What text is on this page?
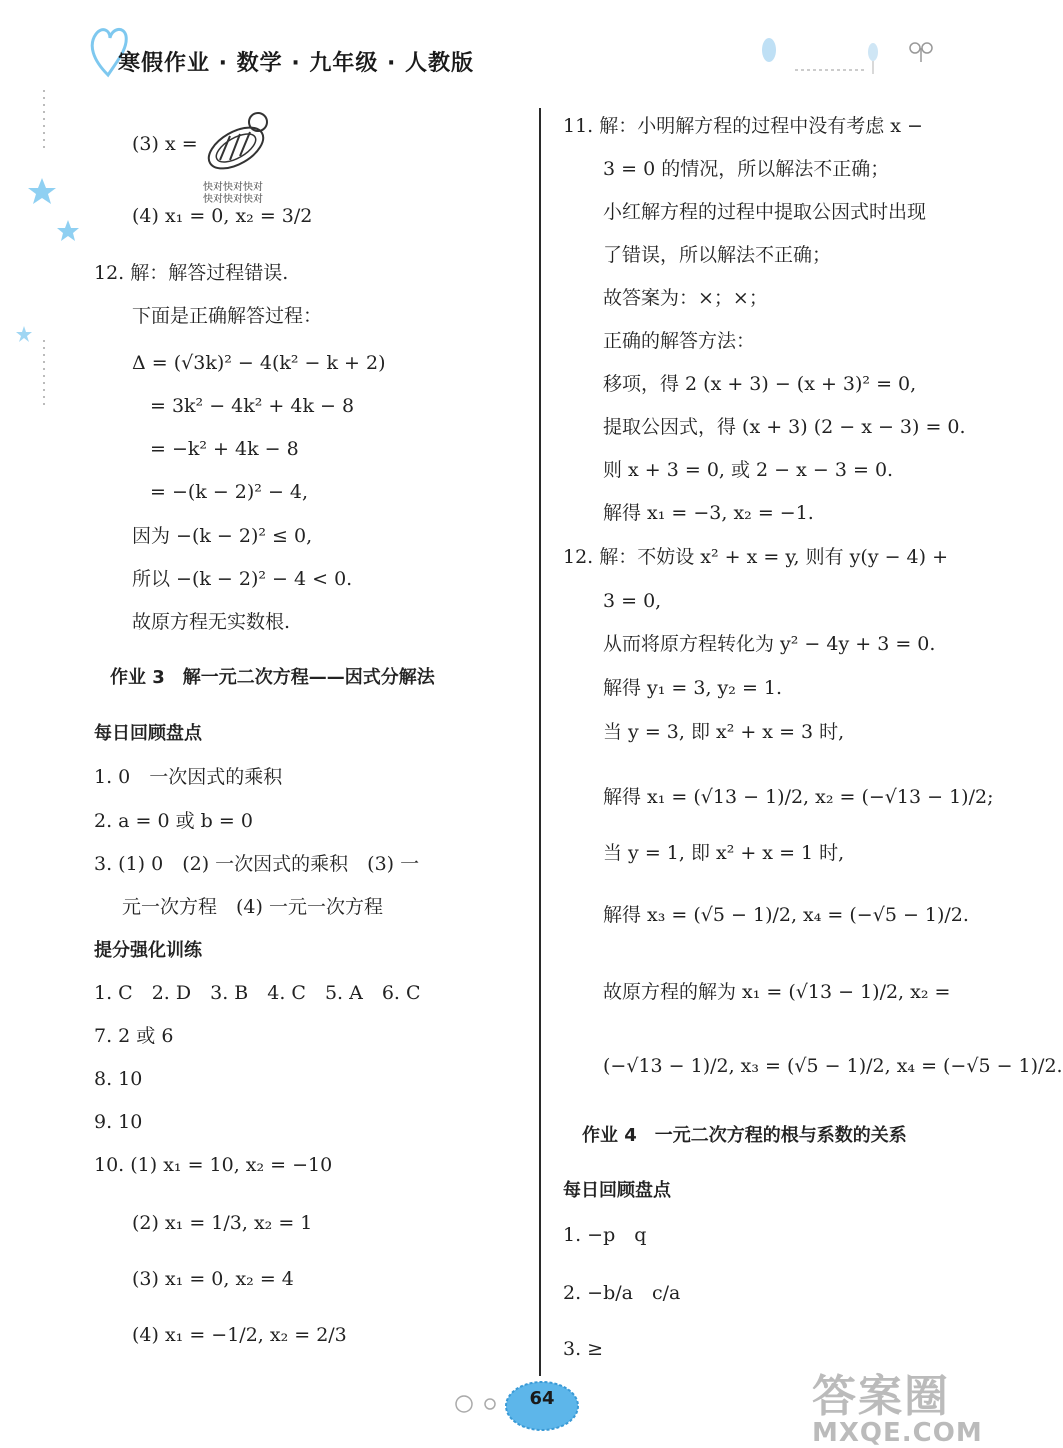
寒假作业 · 数学 · 九年级 · 人教版
快对快对快对
快对快对快对
(3) x =
(4) x₁ = 0, x₂ = 3/2
12. 解：解答过程错误.
下面是正确解答过程：
Δ = (√3k)² − 4(k² − k + 2)
= 3k² − 4k² + 4k − 8
= −k² + 4k − 8
= −(k − 2)² − 4,
因为 −(k − 2)² ≤ 0,
所以 −(k − 2)² − 4 < 0.
故原方程无实数根.
作业 3　解一元二次方程——因式分解法
每日回顾盘点
1. 0　一次因式的乘积
2. a = 0 或 b = 0
3. (1) 0　(2) 一次因式的乘积　(3) 一
元一次方程　(4) 一元一次方程
提分强化训练
1. C　2. D　3. B　4. C　5. A　6. C
7. 2 或 6
8. 10
9. 10
10. (1) x₁ = 10, x₂ = −10
(2) x₁ = 1/3, x₂ = 1
(3) x₁ = 0, x₂ = 4
(4) x₁ = −1/2, x₂ = 2/3
11. 解：小明解方程的过程中没有考虑 x −
3 = 0 的情况，所以解法不正确；
小红解方程的过程中提取公因式时出现
了错误，所以解法不正确；
故答案为：×；×；
正确的解答方法：
移项，得 2 (x + 3) − (x + 3)² = 0,
提取公因式，得 (x + 3) (2 − x − 3) = 0.
则 x + 3 = 0, 或 2 − x − 3 = 0.
解得 x₁ = −3, x₂ = −1.
12. 解：不妨设 x² + x = y, 则有 y(y − 4) +
3 = 0,
从而将原方程转化为 y² − 4y + 3 = 0.
解得 y₁ = 3, y₂ = 1.
当 y = 3, 即 x² + x = 3 时,
解得 x₁ = (√13 − 1)/2, x₂ = (−√13 − 1)/2;
当 y = 1, 即 x² + x = 1 时,
解得 x₃ = (√5 − 1)/2, x₄ = (−√5 − 1)/2.
故原方程的解为 x₁ = (√13 − 1)/2, x₂ =
(−√13 − 1)/2, x₃ = (√5 − 1)/2, x₄ = (−√5 − 1)/2.
作业 4　一元二次方程的根与系数的关系
每日回顾盘点
1. −p　q
2. −b/a　c/a
3. ≥
64	答案圈
MXQE.COM
